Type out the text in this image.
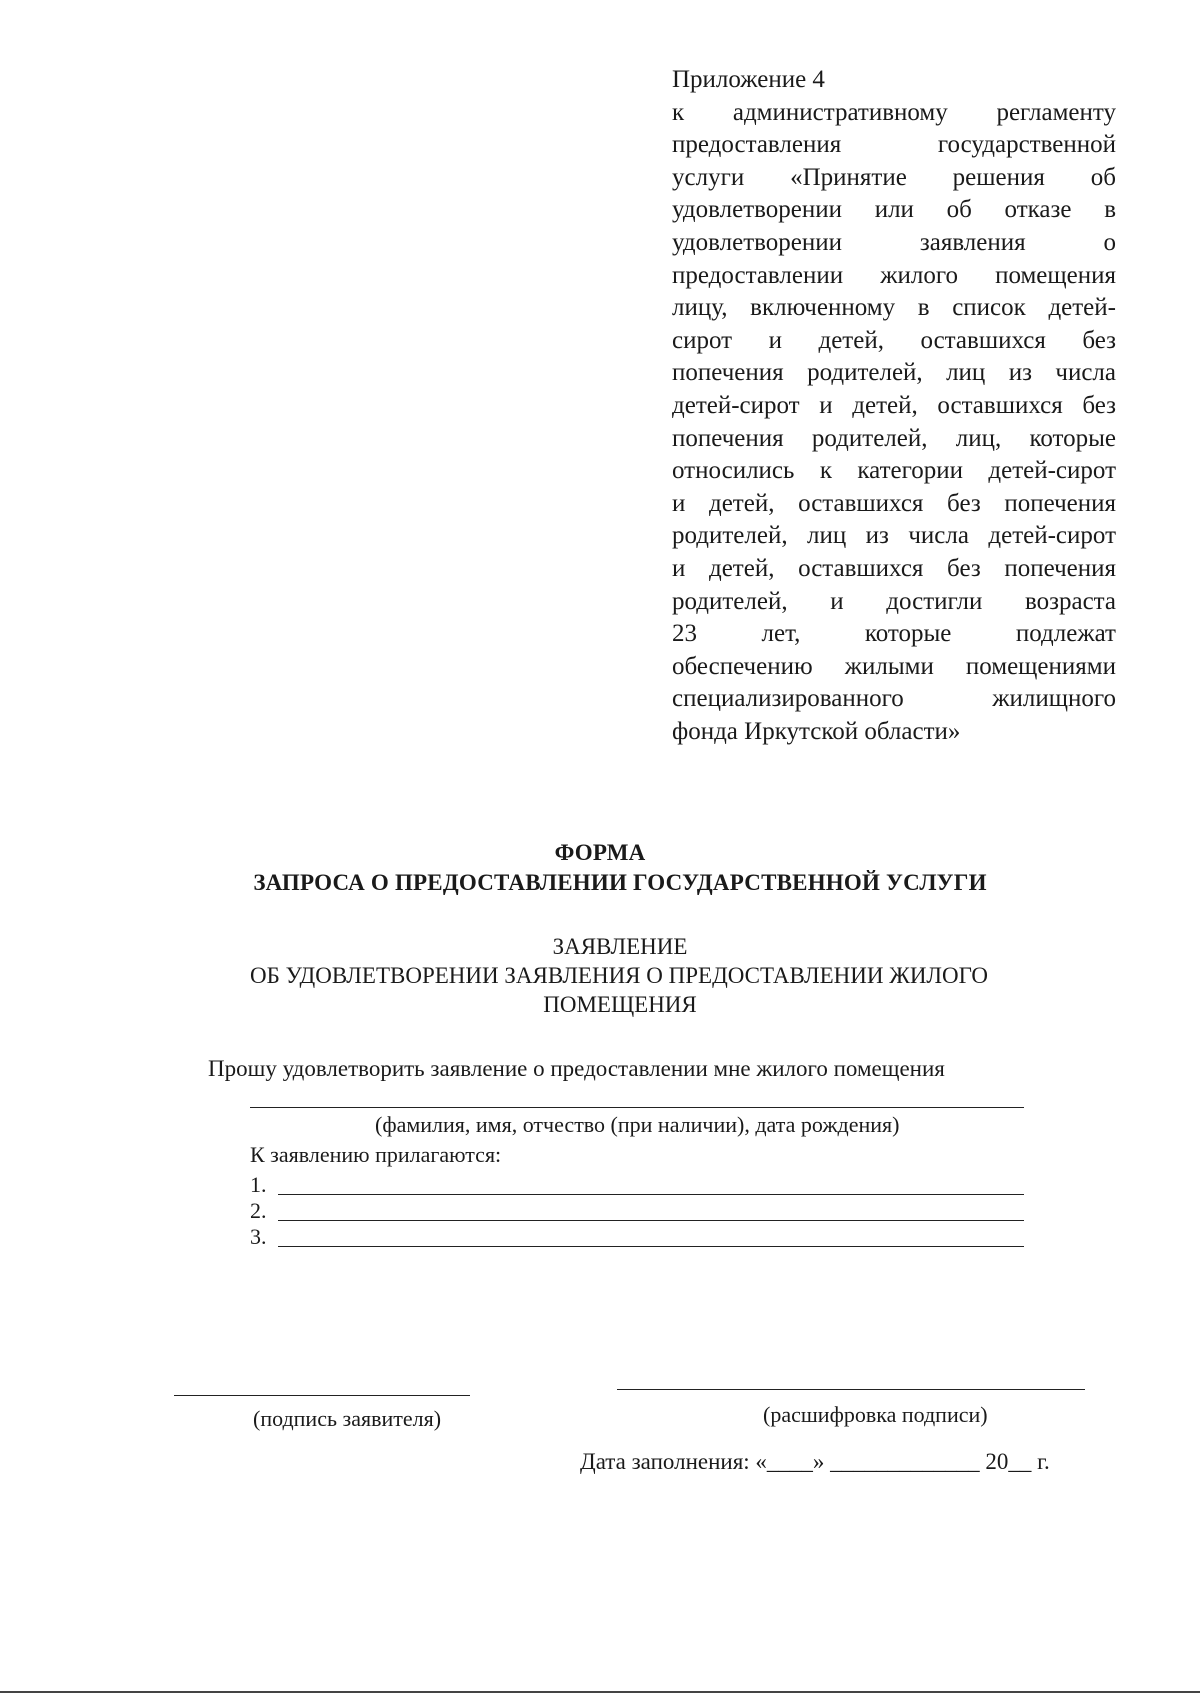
Приложение 4
к административному регламенту
предоставления государственной
услуги «Принятие решения об
удовлетворении или об отказе в
удовлетворении заявления о
предоставлении жилого помещения
лицу, включенному в список детей-
сирот и детей, оставшихся без
попечения родителей, лиц из числа
детей-сирот и детей, оставшихся без
попечения родителей, лиц, которые
относились к категории детей-сирот
и детей, оставшихся без попечения
родителей, лиц из числа детей-сирот
и детей, оставшихся без попечения
родителей, и достигли возраста
23 лет, которые подлежат
обеспечению жилыми помещениями
специализированного жилищного
фонда Иркутской области»
ФОРМА
ЗАПРОСА О ПРЕДОСТАВЛЕНИИ ГОСУДАРСТВЕННОЙ УСЛУГИ
ЗАЯВЛЕНИЕ
ОБ УДОВЛЕТВОРЕНИИ ЗАЯВЛЕНИЯ О ПРЕДОСТАВЛЕНИИ ЖИЛОГО
ПОМЕЩЕНИЯ
Прошу удовлетворить заявление о предоставлении мне жилого помещения
(фамилия, имя, отчество (при наличии), дата рождения)
К заявлению прилагаются:
1.
2.
3.
(подпись заявителя)	(расшифровка подписи)
Дата заполнения: «____» _____________ 20__ г.
